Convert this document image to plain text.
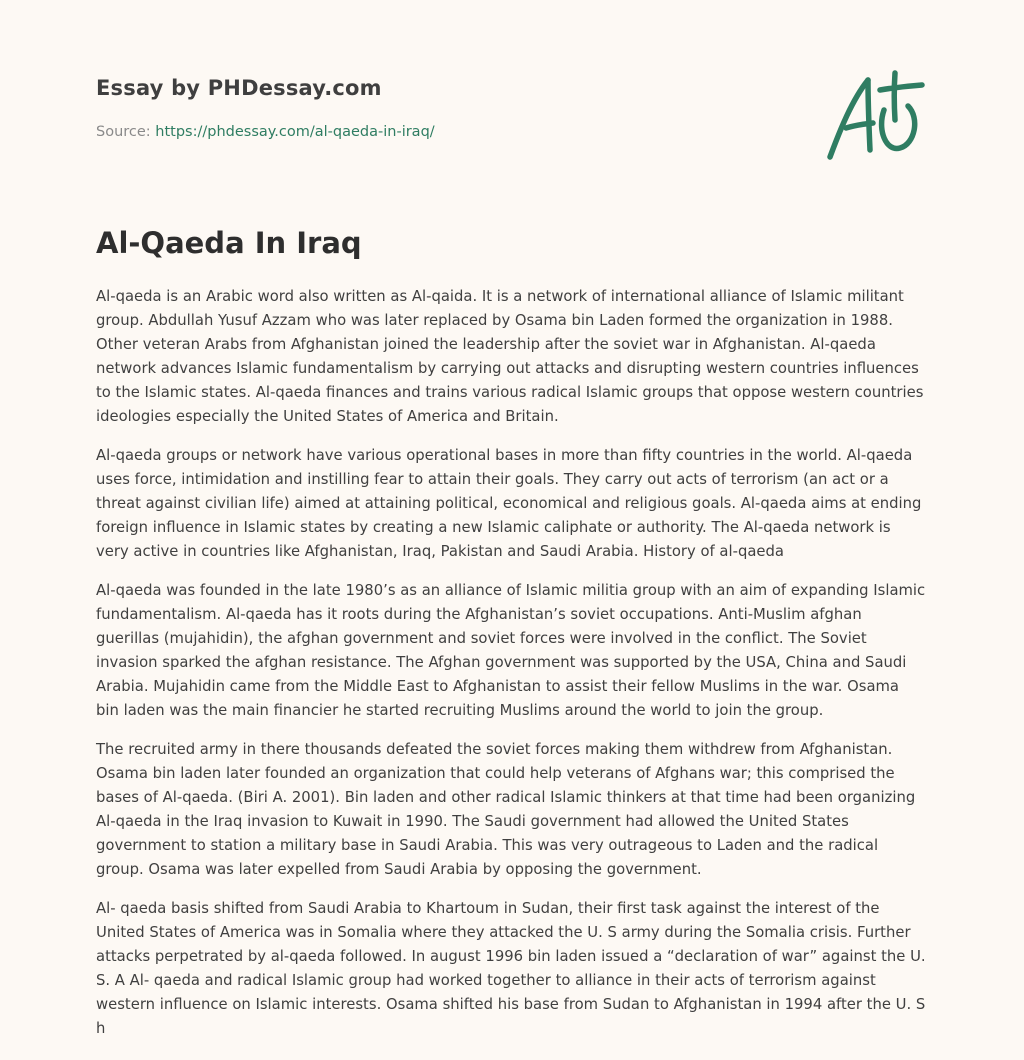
Essay by PHDessay.com
Source: https://phdessay.com/al-qaeda-in-iraq/
Al-Qaeda In Iraq

Al-qaeda is an Arabic word also written as Al-qaida. It is a network of international alliance of Islamic militant group. Abdullah Yusuf Azzam who was later replaced by Osama bin Laden formed the organization in 1988. Other veteran Arabs from Afghanistan joined the leadership after the soviet war in Afghanistan. Al-qaeda network advances Islamic fundamentalism by carrying out attacks and disrupting western countries influences to the Islamic states. Al-qaeda finances and trains various radical Islamic groups that oppose western countries ideologies especially the United States of America and Britain.

Al-qaeda groups or network have various operational bases in more than fifty countries in the world. Al-qaeda uses force, intimidation and instilling fear to attain their goals. They carry out acts of terrorism (an act or a threat against civilian life) aimed at attaining political, economical and religious goals. Al-qaeda aims at ending foreign influence in Islamic states by creating a new Islamic caliphate or authority. The Al-qaeda network is very active in countries like Afghanistan, Iraq, Pakistan and Saudi Arabia. History of al-qaeda

Al-qaeda was founded in the late 1980’s as an alliance of Islamic militia group with an aim of expanding Islamic fundamentalism. Al-qaeda has it roots during the Afghanistan’s soviet occupations. Anti-Muslim afghan guerillas (mujahidin), the afghan government and soviet forces were involved in the conflict. The Soviet invasion sparked the afghan resistance. The Afghan government was supported by the USA, China and Saudi Arabia. Mujahidin came from the Middle East to Afghanistan to assist their fellow Muslims in the war. Osama bin laden was the main financier he started recruiting Muslims around the world to join the group.

The recruited army in there thousands defeated the soviet forces making them withdrew from Afghanistan. Osama bin laden later founded an organization that could help veterans of Afghans war; this comprised the bases of Al-qaeda. (Biri A. 2001). Bin laden and other radical Islamic thinkers at that time had been organizing Al-qaeda in the Iraq invasion to Kuwait in 1990. The Saudi government had allowed the United States government to station a military base in Saudi Arabia. This was very outrageous to Laden and the radical group. Osama was later expelled from Saudi Arabia by opposing the government.

Al- qaeda basis shifted from Saudi Arabia to Khartoum in Sudan, their first task against the interest of the United States of America was in Somalia where they attacked the U. S army during the Somalia crisis. Further attacks perpetrated by al-qaeda followed. In august 1996 bin laden issued a “declaration of war” against the U. S. A Al- qaeda and radical Islamic group had worked together to alliance in their acts of terrorism against western influence on Islamic interests. Osama shifted his base from Sudan to Afghanistan in 1994 after the U. S h
